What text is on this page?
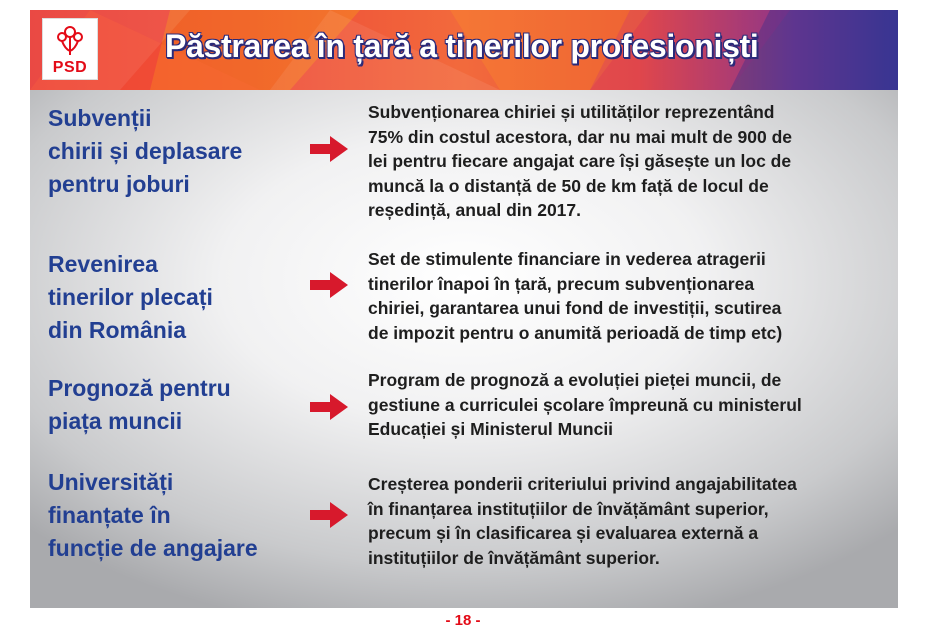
PSD
Păstrarea în țară a tinerilor profesioniști
Subvenții
chirii și deplasare
pentru joburi
Subvenționarea chiriei și utilităților reprezentând
75% din costul acestora, dar nu mai mult de 900 de
lei pentru fiecare angajat care își găsește un loc de
muncă la o distanță de 50 de km față de locul de
reședință, anual din 2017.
Revenirea
tinerilor plecați
din România
Set de stimulente financiare in vederea atragerii
tinerilor înapoi în țară, precum subvenționarea
chiriei, garantarea unui fond de investiții, scutirea
de impozit pentru o anumită perioadă de timp etc)
Prognoză pentru
piața muncii
Program de prognoză a evoluției pieței muncii, de
gestiune a curriculei școlare împreună cu ministerul
Educației și Ministerul Muncii
Universități
finanțate în
funcție de angajare
Creșterea ponderii criteriului privind angajabilitatea
în finanțarea instituțiilor de învățământ superior,
precum și în clasificarea și evaluarea externă a
instituțiilor de învățământ superior.
- 18 -
